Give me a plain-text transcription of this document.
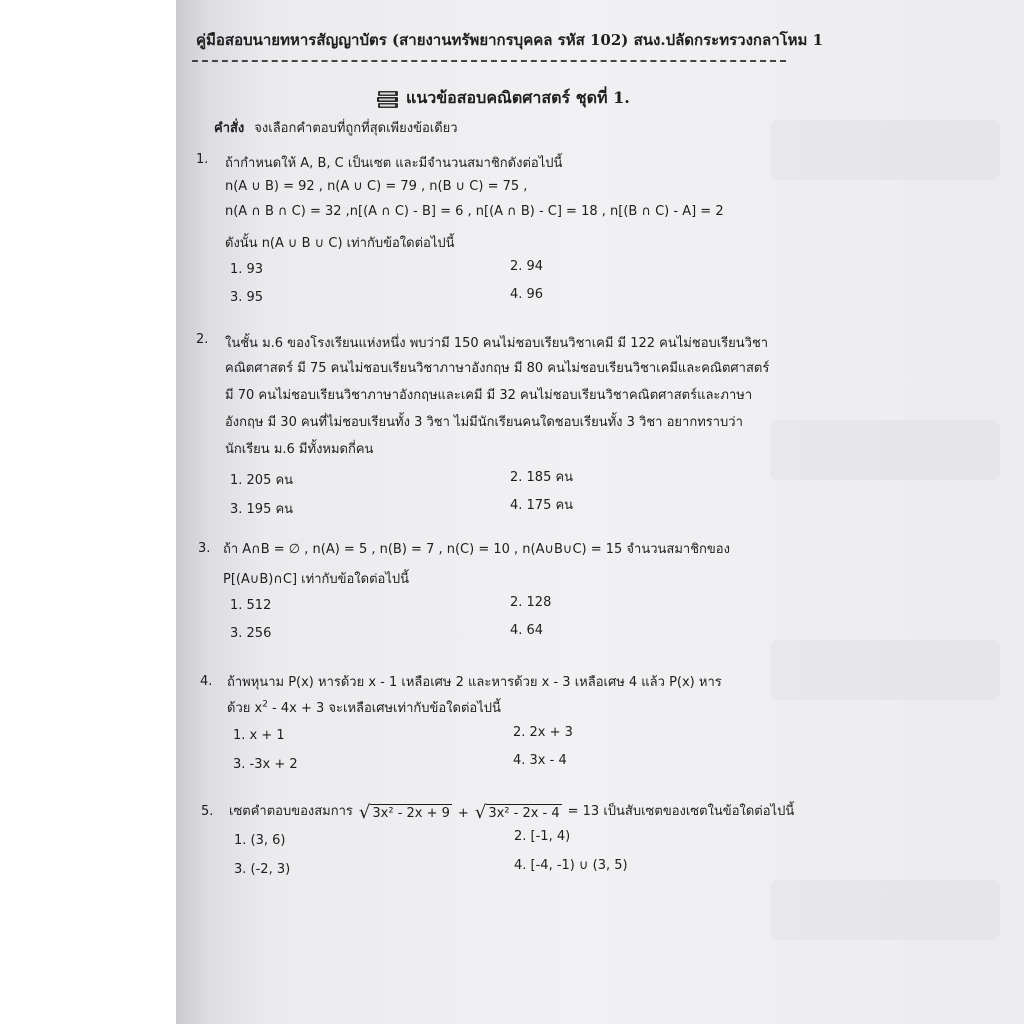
คู่มือสอบนายทหารสัญญาบัตร (สายงานทรัพยากรบุคคล รหัส 102) สนง.ปลัดกระทรวงกลาโหม 1
แนวข้อสอบคณิตศาสตร์ ชุดที่ 1.
คำสั่ง จงเลือกคำตอบที่ถูกที่สุดเพียงข้อเดียว
1. ถ้ากำหนดให้ A, B, C เป็นเซต และมีจำนวนสมาชิกดังต่อไปนี้
n(A ∪ B) = 92 , n(A ∪ C) = 79 , n(B ∪ C) = 75 ,
n(A ∩ B ∩ C) = 32 ,n[(A ∩ C) - B] = 6 , n[(A ∩ B) - C] = 18 , n[(B ∩ C) - A] = 2
ดังนั้น n(A ∪ B ∪ C) เท่ากับข้อใดต่อไปนี้
1. 93	2. 94
3. 95	4. 96
2. ในชั้น ม.6 ของโรงเรียนแห่งหนึ่ง พบว่ามี 150 คนไม่ชอบเรียนวิชาเคมี มี 122 คนไม่ชอบเรียนวิชา
คณิตศาสตร์ มี 75 คนไม่ชอบเรียนวิชาภาษาอังกฤษ มี 80 คนไม่ชอบเรียนวิชาเคมีและคณิตศาสตร์
มี 70 คนไม่ชอบเรียนวิชาภาษาอังกฤษและเคมี มี 32 คนไม่ชอบเรียนวิชาคณิตศาสตร์และภาษา
อังกฤษ มี 30 คนที่ไม่ชอบเรียนทั้ง 3 วิชา ไม่มีนักเรียนคนใดชอบเรียนทั้ง 3 วิชา อยากทราบว่า
นักเรียน ม.6 มีทั้งหมดกี่คน
1. 205 คน	2. 185 คน
3. 195 คน	4. 175 คน
3. ถ้า A∩B = ∅ , n(A) = 5 , n(B) = 7 , n(C) = 10 , n(A∪B∪C) = 15 จำนวนสมาชิกของ
P[(A∪B)∩C] เท่ากับข้อใดต่อไปนี้
1. 512	2. 128
3. 256	4. 64
4. ถ้าพหุนาม P(x) หารด้วย x - 1 เหลือเศษ 2 และหารด้วย x - 3 เหลือเศษ 4 แล้ว P(x) หาร
ด้วย $x^2 - 4x + 3$ จะเหลือเศษเท่ากับข้อใดต่อไปนี้
1. x + 1	2. 2x + 3
3. -3x + 2	4. 3x - 4
5. เซตคำตอบของสมการ √ 3x² - 2x + 9 + √ 3x² - 2x - 4 = 13 เป็นสับเซตของเซตในข้อใดต่อไปนี้
1. (3, 6)	2. [-1, 4)
3. (-2, 3)	4. [-4, -1) ∪ (3, 5)
